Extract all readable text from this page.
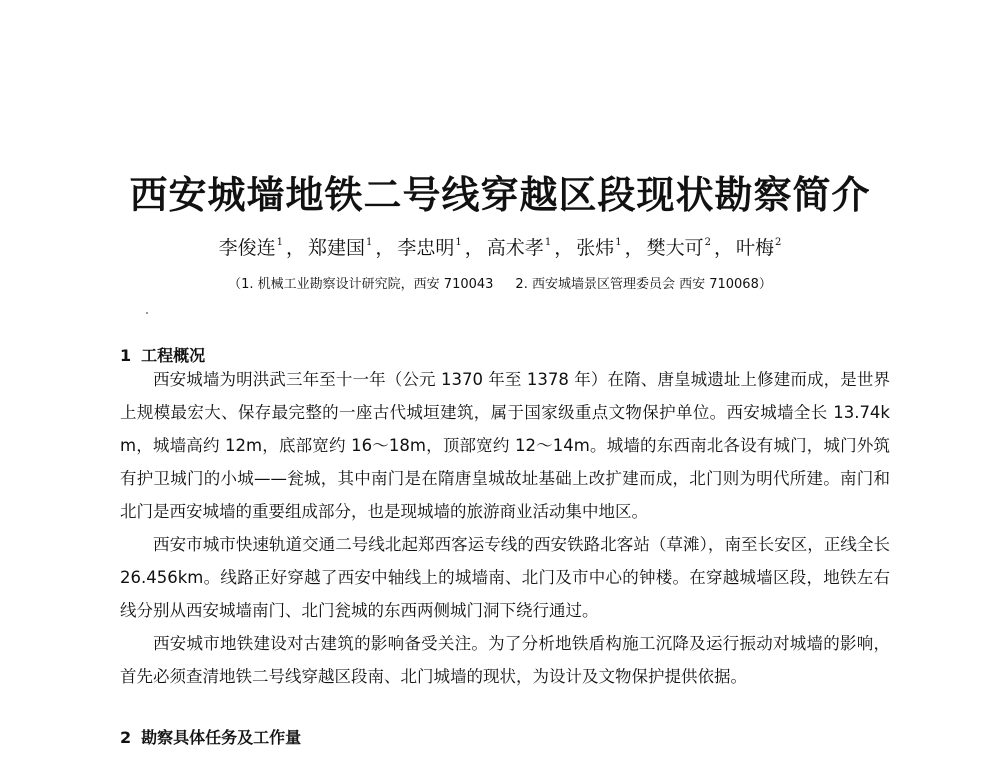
西安城墙地铁二号线穿越区段现状勘察简介
李俊连$^1$ ， 郑建国$^1$ ， 李忠明$^1$ ， 高术孝$^1$ ， 张炜$^1$ ， 樊大可$^2$ ， 叶梅$^2$
（1. 机械工业勘察设计研究院，西安 710043 2. 西安城墙景区管理委员会 西安 710068）
1 工程概况

西安城墙为明洪武三年至十一年（公元 1370 年至 1378 年）在隋、唐皇城遗址上修建而成，是世界上规模最宏大、保存最完整的一座古代城垣建筑，属于国家级重点文物保护单位。西安城墙全长 13.74km，城墙高约 12m，底部宽约 16～18m，顶部宽约 12～14m。城墙的东西南北各设有城门，城门外筑有护卫城门的小城——瓮城，其中南门是在隋唐皇城故址基础上改扩建而成，北门则为明代所建。南门和北门是西安城墙的重要组成部分，也是现城墙的旅游商业活动集中地区。

西安市城市快速轨道交通二号线北起郑西客运专线的西安铁路北客站（草滩），南至长安区，正线全长 26.456km。线路正好穿越了西安中轴线上的城墙南、北门及市中心的钟楼。在穿越城墙区段，地铁左右线分别从西安城墙南门、北门瓮城的东西两侧城门洞下绕行通过。

西安城市地铁建设对古建筑的影响备受关注。为了分析地铁盾构施工沉降及运行振动对城墙的影响，首先必须查清地铁二号线穿越区段南、北门城墙的现状，为设计及文物保护提供依据。

2 勘察具体任务及工作量
